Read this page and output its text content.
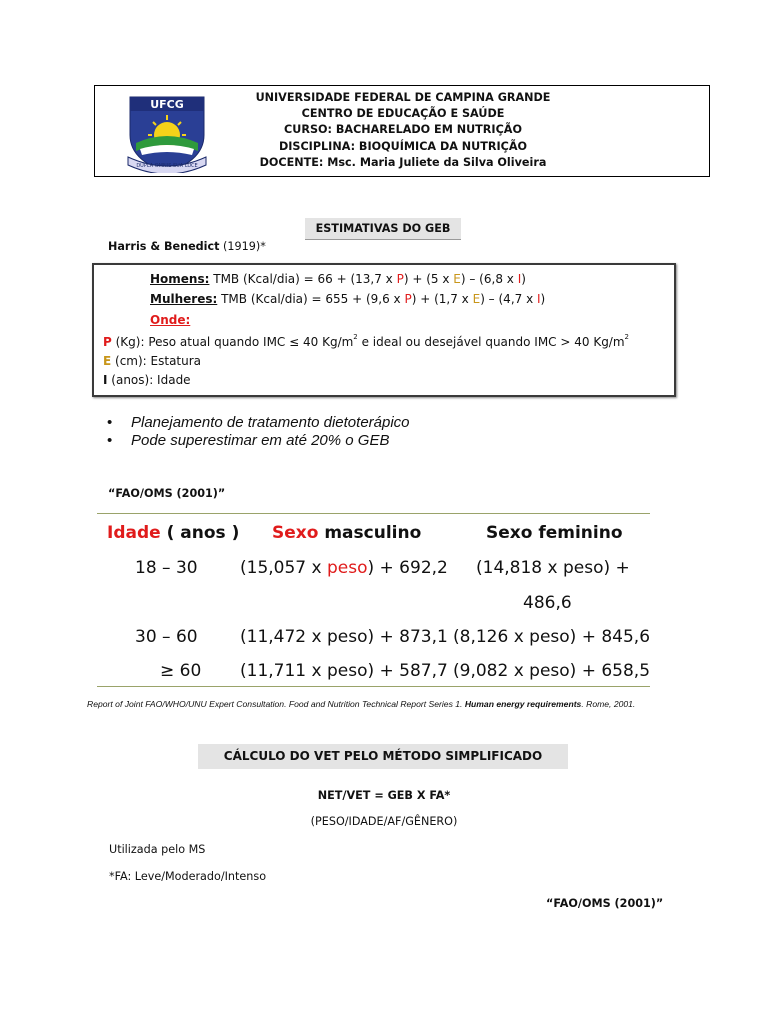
UFCG
DUPLA OMNIS SUA LUCE
UNIVERSIDADE FEDERAL DE CAMPINA GRANDE
CENTRO DE EDUCAÇÃO E SAÚDE
CURSO: BACHARELADO EM NUTRIÇÃO
DISCIPLINA: BIOQUÍMICA DA NUTRIÇÃO
DOCENTE: Msc. Maria Juliete da Silva Oliveira
ESTIMATIVAS DO GEB
Harris & Benedict (1919)*
Homens: TMB (Kcal/dia) = 66 + (13,7 x P) + (5 x E) – (6,8 x I)
Mulheres: TMB (Kcal/dia) = 655 + (9,6 x P) + (1,7 x E) – (4,7 x I)
Onde:
P (Kg): Peso atual quando IMC ≤ 40 $Kg/m^2$ e ideal ou desejável quando IMC > 40 $Kg/m^2$
E (cm): Estatura
I (anos): Idade
• Planejamento de tratamento dietoterápico
• Pode superestimar em até 20% o GEB
“FAO/OMS (2001)”
Idade ( anos ) Sexo masculino	Sexo feminino
18 – 30 (15,057 x peso) + 692,2 (14,818 x peso) +
486,6
30 – 60 (11,472 x peso) + 873,1 (8,126 x peso) + 845,6
≥ 60 (11,711 x peso) + 587,7 (9,082 x peso) + 658,5
Report of Joint FAO/WHO/UNU Expert Consultation. Food and Nutrition Technical Report Series 1. Human energy requirements. Rome, 2001.
CÁLCULO DO VET PELO MÉTODO SIMPLIFICADO
NET/VET = GEB X FA*
(PESO/IDADE/AF/GÊNERO)
Utilizada pelo MS
*FA: Leve/Moderado/Intenso
“FAO/OMS (2001)”
